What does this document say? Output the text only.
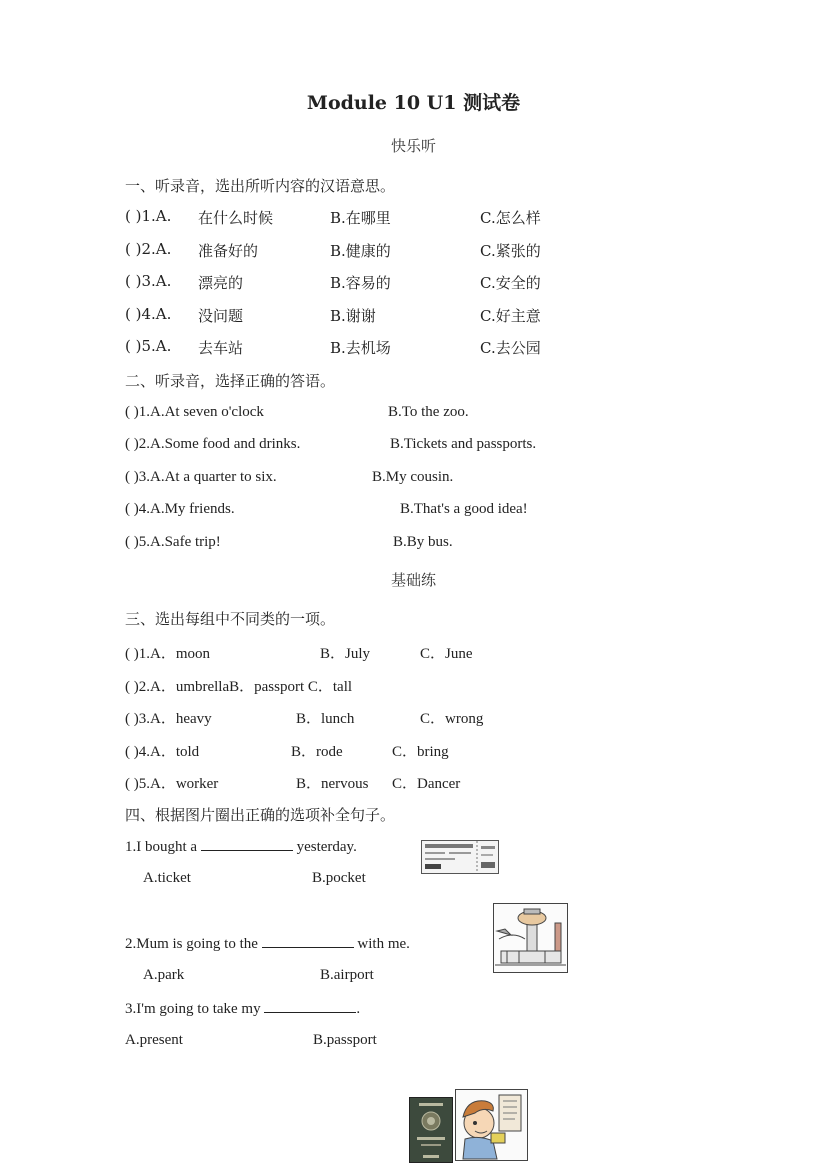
Module 10 U1 测试卷
快乐听
一、听录音，选出所听内容的汉语意思。
( )1.A. 在什么时候	B.在哪里	C.怎么样
( )2.A. 准备好的	B.健康的	C.紧张的
( )3.A. 漂亮的	B.容易的	C.安全的
( )4.A. 没问题	B.谢谢	C.好主意
( )5.A. 去车站	B.去机场	C.去公园
二、听录音，选择正确的答语。
( )1.A.At seven o'clock	B.To the zoo.
( )2.A.Some food and drinks.	B.Tickets and passports.
( )3.A.At a quarter to six.	B.My cousin.
( )4.A.My friends.	B.That's a good idea!
( )5.A.Safe trip!	B.By bus.
基础练
三、选出每组中不同类的一项。
( )1.A．moon	B．July	C．June
( )2.A．umbrellaB．passport C．tall
( )3.A．heavy	B．lunch	C．wrong
( )4.A．told	B．rode	C．bring
( )5.A．worker	B．nervous C．Dancer
四、根据图片圈出正确的选项补全句子。
1.I bought a	yesterday.
A.ticket	B.pocket
2.Mum is going to the	with me.
A.park	B.airport
3.I'm going to take my	.
A.present	B.passport
